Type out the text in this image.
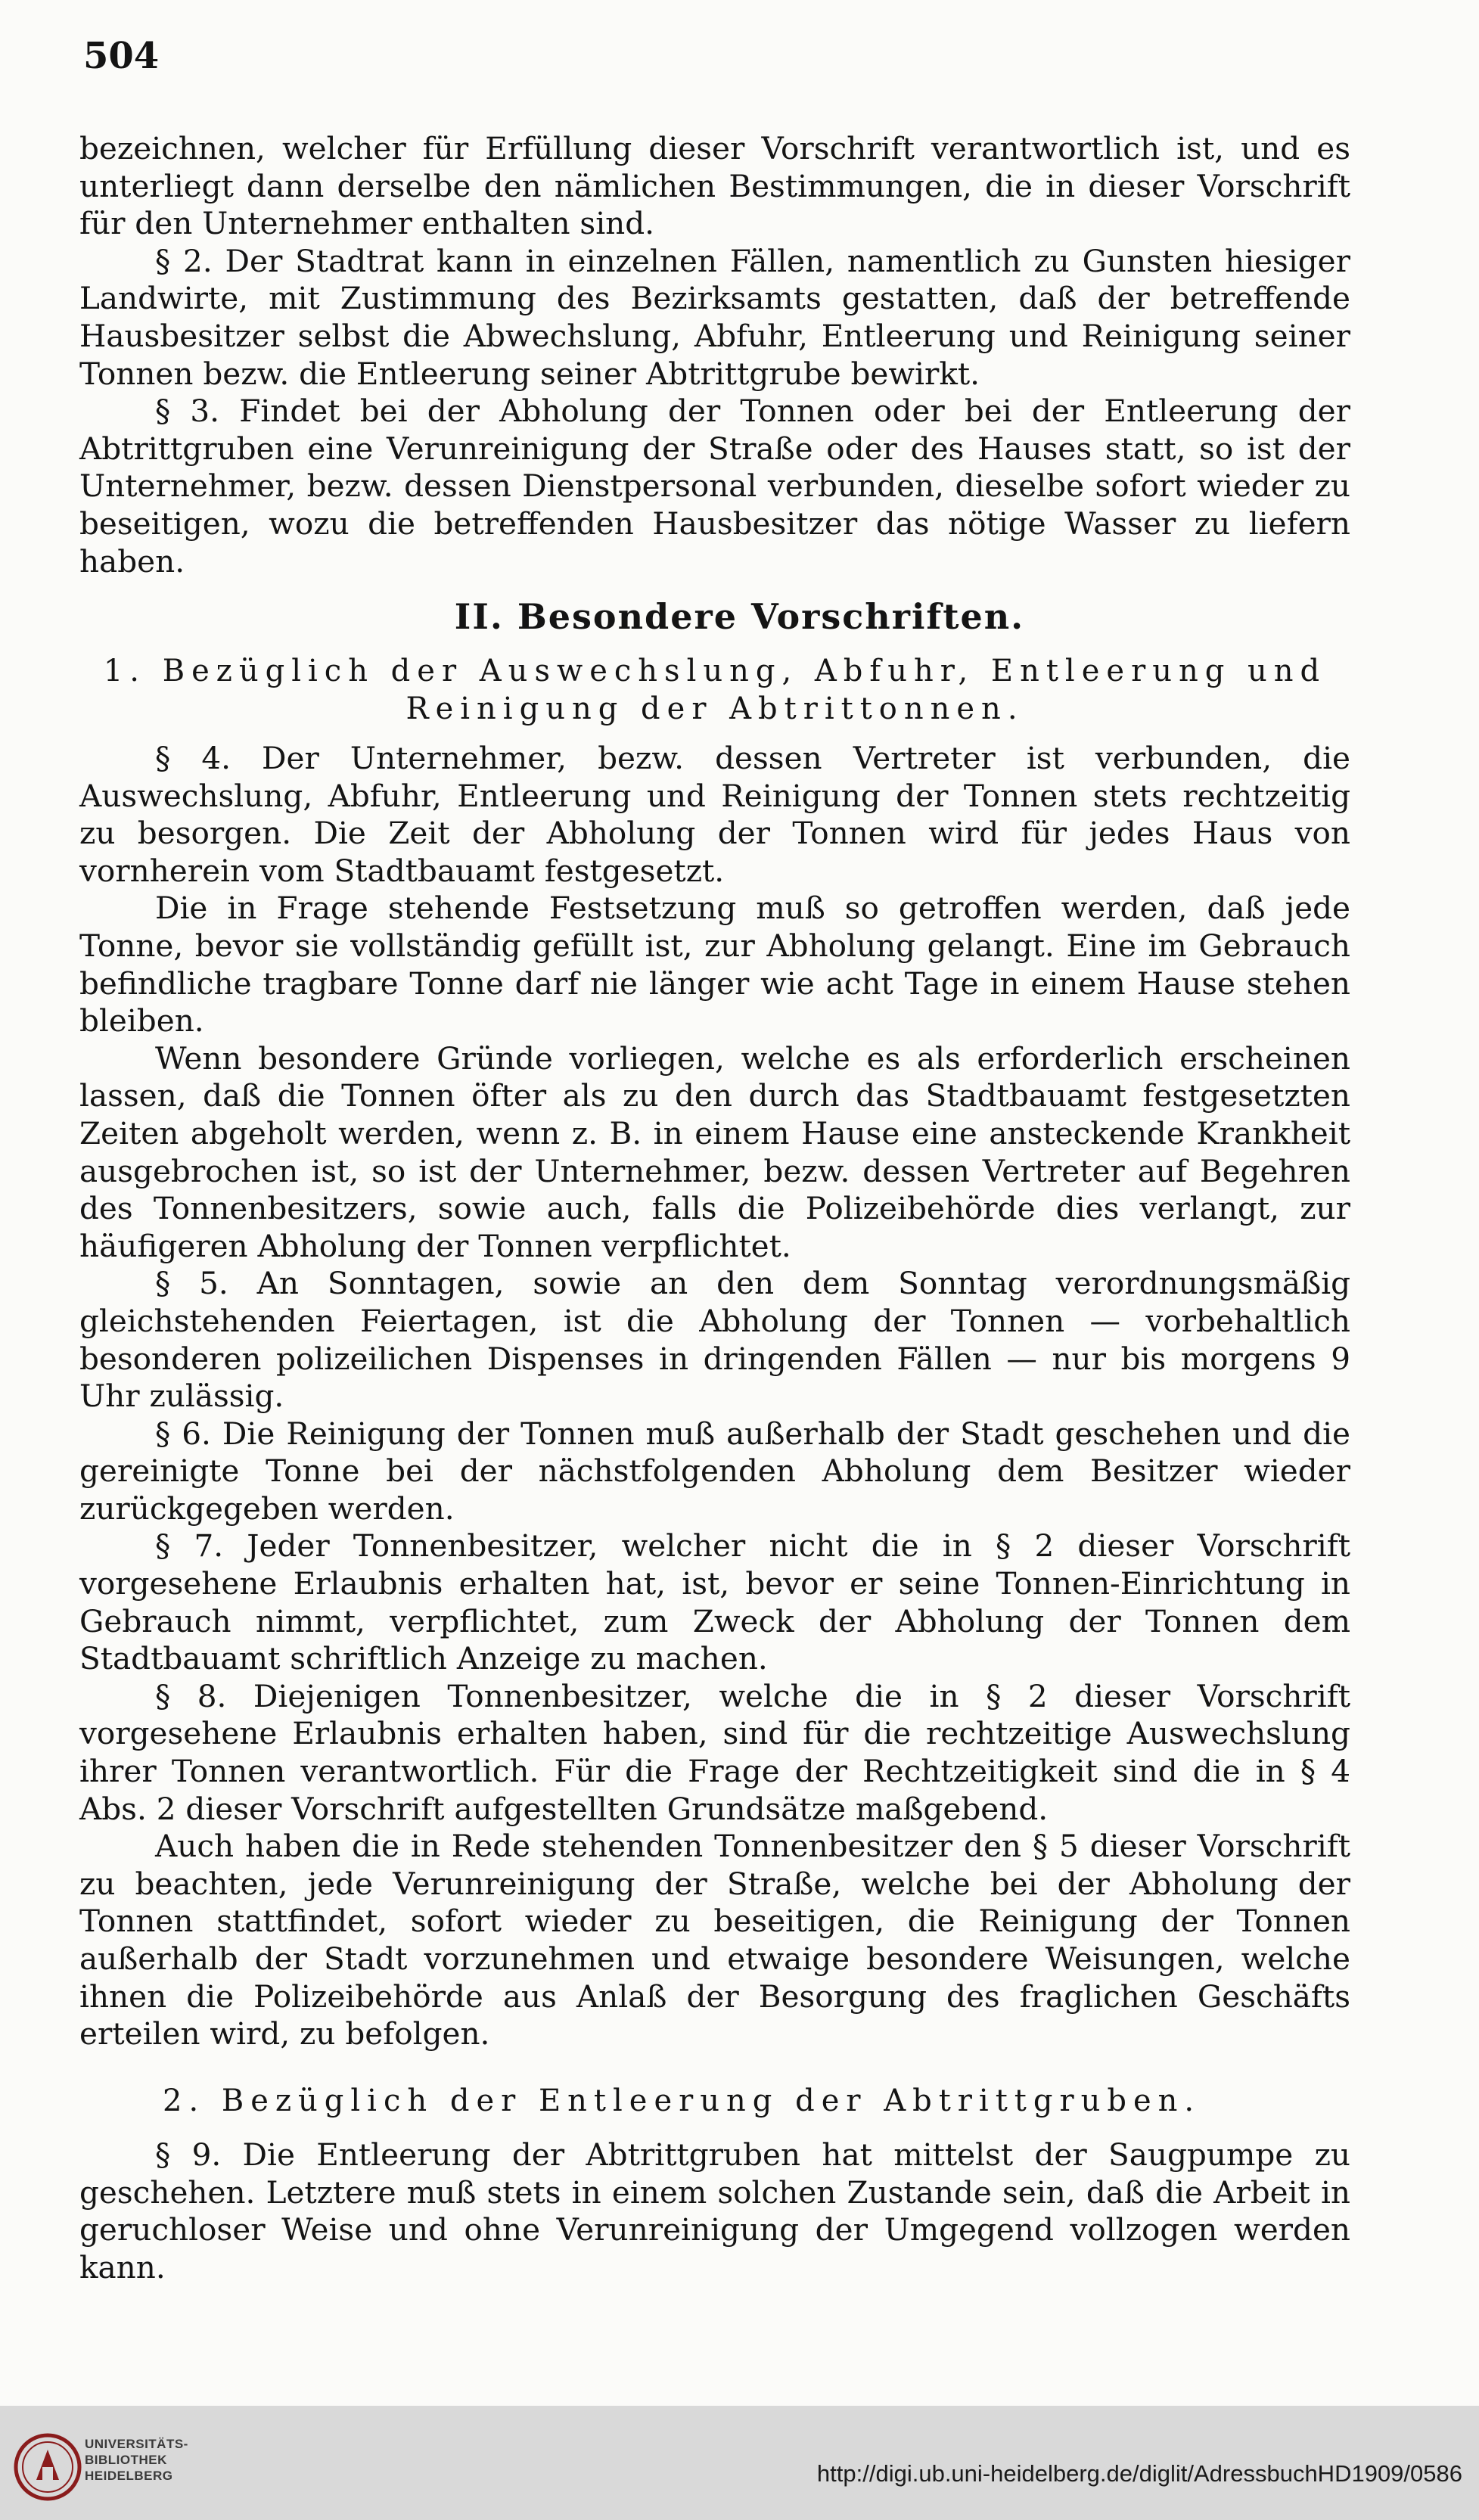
504

bezeichnen, welcher für Erfüllung dieser Vorschrift verantwortlich ist, und es unterliegt dann derselbe den nämlichen Bestimmungen, die in dieser Vorschrift für den Unternehmer enthalten sind.

§ 2. Der Stadtrat kann in einzelnen Fällen, namentlich zu Gunsten hiesiger Landwirte, mit Zustimmung des Bezirksamts gestatten, daß der betreffende Hausbesitzer selbst die Abwechslung, Abfuhr, Entleerung und Reinigung seiner Tonnen bezw. die Entleerung seiner Abtrittgrube bewirkt.

§ 3. Findet bei der Abholung der Tonnen oder bei der Entleerung der Abtrittgruben eine Verunreinigung der Straße oder des Hauses statt, so ist der Unternehmer, bezw. dessen Dienstpersonal verbunden, dieselbe sofort wieder zu beseitigen, wozu die betreffenden Hausbesitzer das nötige Wasser zu liefern haben.

II. Besondere Vorschriften.
1. Bezüglich der Auswechslung, Abfuhr, Entleerung und Reinigung der Abtrittonnen.

§ 4. Der Unternehmer, bezw. dessen Vertreter ist verbunden, die Auswechslung, Abfuhr, Entleerung und Reinigung der Tonnen stets rechtzeitig zu besorgen. Die Zeit der Abholung der Tonnen wird für jedes Haus von vornherein vom Stadtbauamt festgesetzt.

Die in Frage stehende Festsetzung muß so getroffen werden, daß jede Tonne, bevor sie vollständig gefüllt ist, zur Abholung gelangt. Eine im Gebrauch befindliche tragbare Tonne darf nie länger wie acht Tage in einem Hause stehen bleiben.

Wenn besondere Gründe vorliegen, welche es als erforderlich erscheinen lassen, daß die Tonnen öfter als zu den durch das Stadtbauamt festgesetzten Zeiten abgeholt werden, wenn z. B. in einem Hause eine ansteckende Krankheit ausgebrochen ist, so ist der Unternehmer, bezw. dessen Vertreter auf Begehren des Tonnenbesitzers, sowie auch, falls die Polizeibehörde dies verlangt, zur häufigeren Abholung der Tonnen verpflichtet.

§ 5. An Sonntagen, sowie an den dem Sonntag verordnungsmäßig gleichstehenden Feiertagen, ist die Abholung der Tonnen — vorbehaltlich besonderen polizeilichen Dispenses in dringenden Fällen — nur bis morgens 9 Uhr zulässig.

§ 6. Die Reinigung der Tonnen muß außerhalb der Stadt geschehen und die gereinigte Tonne bei der nächstfolgenden Abholung dem Besitzer wieder zurückgegeben werden.

§ 7. Jeder Tonnenbesitzer, welcher nicht die in § 2 dieser Vorschrift vorgesehene Erlaubnis erhalten hat, ist, bevor er seine Tonnen-Einrichtung in Gebrauch nimmt, verpflichtet, zum Zweck der Abholung der Tonnen dem Stadtbauamt schriftlich Anzeige zu machen.

§ 8. Diejenigen Tonnenbesitzer, welche die in § 2 dieser Vorschrift vorgesehene Erlaubnis erhalten haben, sind für die rechtzeitige Auswechslung ihrer Tonnen verantwortlich. Für die Frage der Rechtzeitigkeit sind die in § 4 Abs. 2 dieser Vorschrift aufgestellten Grundsätze maßgebend.

Auch haben die in Rede stehenden Tonnenbesitzer den § 5 dieser Vorschrift zu beachten, jede Verunreinigung der Straße, welche bei der Abholung der Tonnen stattfindet, sofort wieder zu beseitigen, die Reinigung der Tonnen außerhalb der Stadt vorzunehmen und etwaige besondere Weisungen, welche ihnen die Polizeibehörde aus Anlaß der Besorgung des fraglichen Geschäfts erteilen wird, zu befolgen.

2. Bezüglich der Entleerung der Abtrittgruben.

§ 9. Die Entleerung der Abtrittgruben hat mittelst der Saugpumpe zu geschehen. Letztere muß stets in einem solchen Zustande sein, daß die Arbeit in geruchloser Weise und ohne Verunreinigung der Umgegend vollzogen werden kann.

UNIVERSITÄTS-
BIBLIOTHEK
HEIDELBERG	http://digi.ub.uni-heidelberg.de/diglit/AdressbuchHD1909/0586
